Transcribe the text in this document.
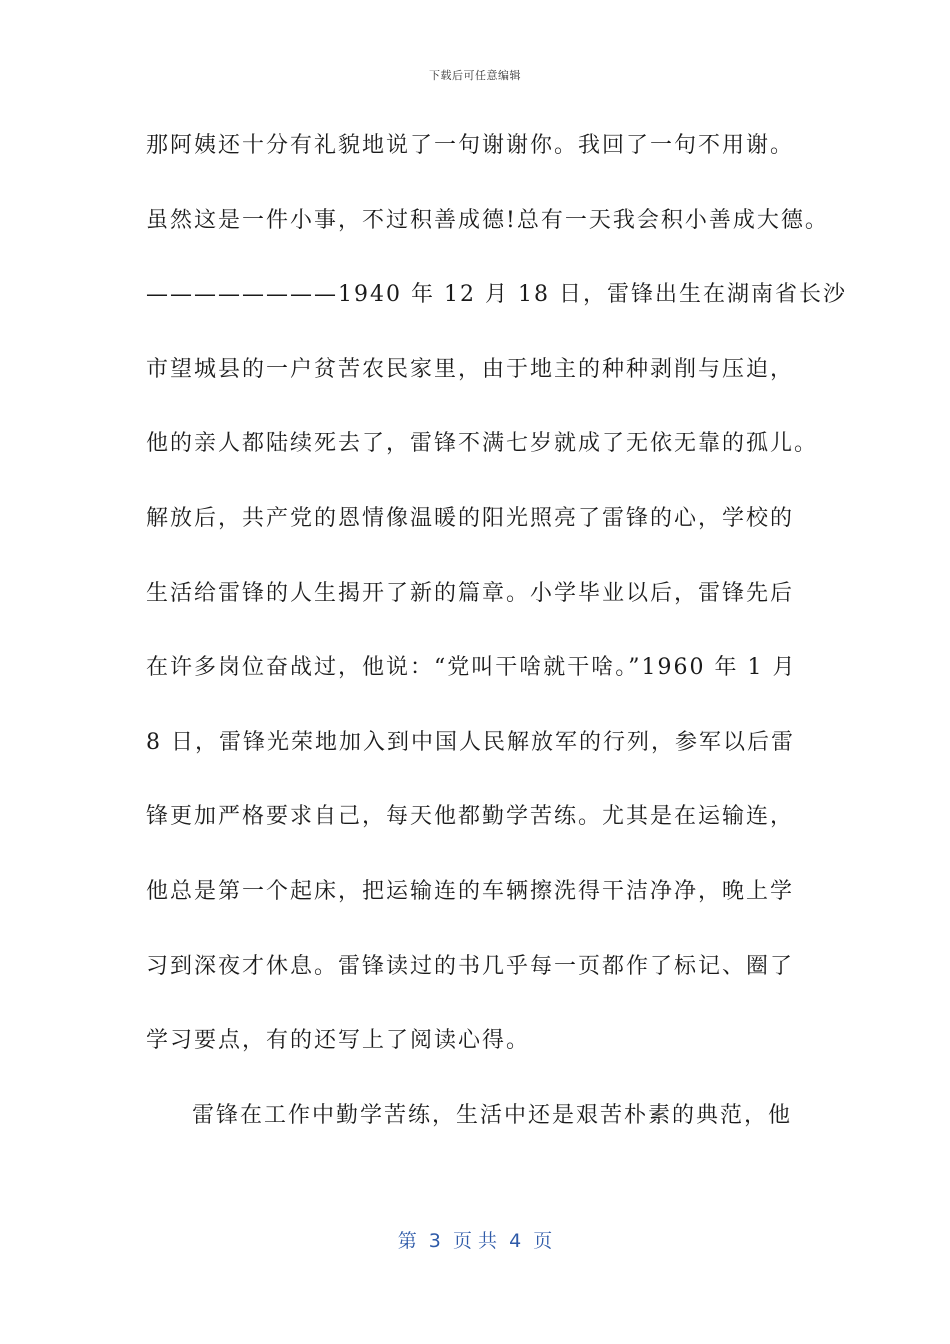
下载后可任意编辑
那阿姨还十分有礼貌地说了一句谢谢你。我回了一句不用谢。
虽然这是一件小事，不过积善成德!总有一天我会积小善成大德。
————————1940 年 12 月 18 日，雷锋出生在湖南省长沙
市望城县的一户贫苦农民家里，由于地主的种种剥削与压迫，
他的亲人都陆续死去了，雷锋不满七岁就成了无依无靠的孤儿。
解放后，共产党的恩情像温暖的阳光照亮了雷锋的心，学校的
生活给雷锋的人生揭开了新的篇章。小学毕业以后，雷锋先后
在许多岗位奋战过，他说：“党叫干啥就干啥。”1960 年 1 月
8 日，雷锋光荣地加入到中国人民解放军的行列，参军以后雷
锋更加严格要求自己，每天他都勤学苦练。尤其是在运输连，
他总是第一个起床，把运输连的车辆擦洗得干洁净净，晚上学
习到深夜才休息。雷锋读过的书几乎每一页都作了标记、圈了
学习要点，有的还写上了阅读心得。
雷锋在工作中勤学苦练，生活中还是艰苦朴素的典范，他
第  3  页 共  4  页
